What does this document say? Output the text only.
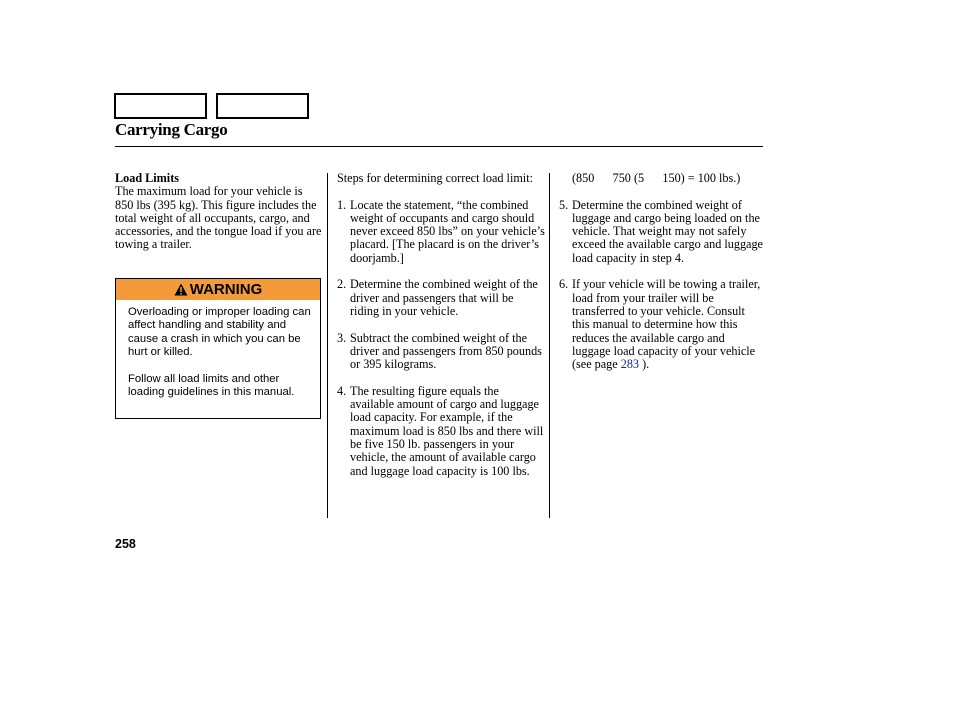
Carrying Cargo

Load Limits

The maximum load for your vehicle is 850 lbs (395 kg). This figure includes the total weight of all occupants, cargo, and accessories, and the tongue load if you are towing a trailer.

WARNING

Overloading or improper loading can affect handling and stability and cause a crash in which you can be hurt or killed.

Follow all load limits and other loading guidelines in this manual.

Steps for determining correct load limit:

1. Locate the statement, “the combined weight of occupants and cargo should never exceed 850 lbs” on your vehicle’s placard. [The placard is on the driver’s doorjamb.]
2. Determine the combined weight of the driver and passengers that will be riding in your vehicle.
3. Subtract the combined weight of the driver and passengers from 850 pounds or 395 kilograms.
4. The resulting figure equals the available amount of cargo and luggage load capacity. For example, if the maximum load is 850 lbs and there will be five 150 lb. passengers in your vehicle, the amount of available cargo and luggage load capacity is 100 lbs.

(850      750 (5      150) = 100 lbs.)

5. Determine the combined weight of luggage and cargo being loaded on the vehicle. That weight may not safely exceed the available cargo and luggage load capacity in step 4.
6. If your vehicle will be towing a trailer, load from your trailer will be transferred to your vehicle. Consult this manual to determine how this reduces the available cargo and luggage load capacity of your vehicle (see page 283 ).
258
